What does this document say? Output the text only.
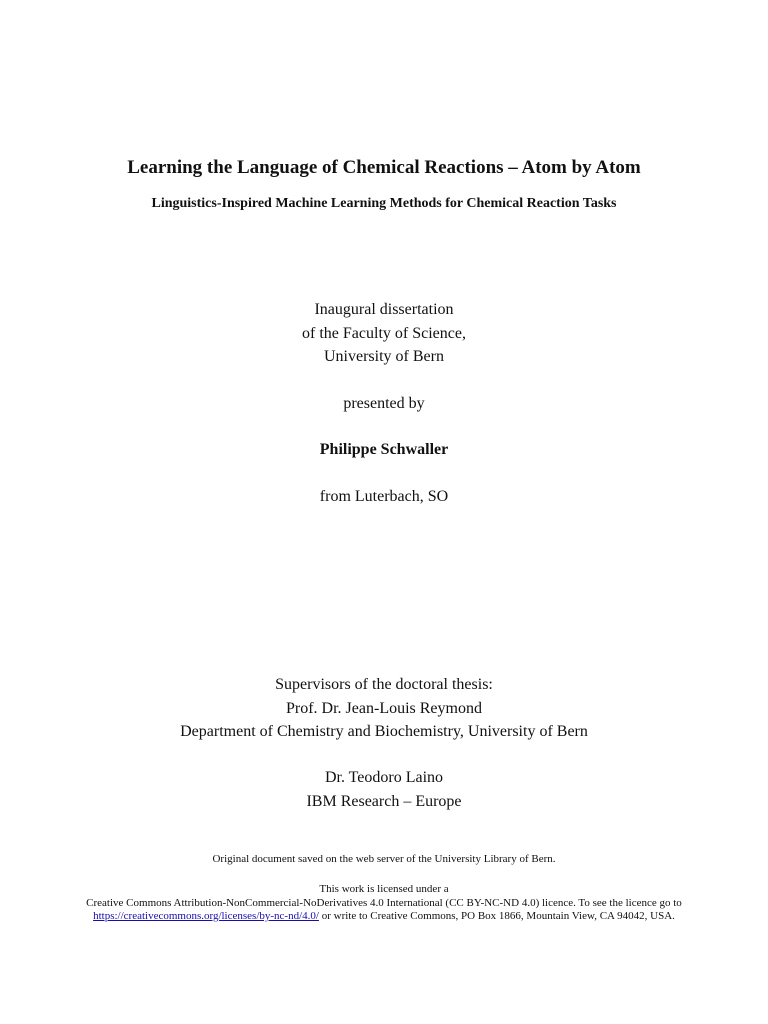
Learning the Language of Chemical Reactions – Atom by Atom
Linguistics-Inspired Machine Learning Methods for Chemical Reaction Tasks
Inaugural dissertation
of the Faculty of Science,
University of Bern
presented by
Philippe Schwaller
from Luterbach, SO
Supervisors of the doctoral thesis:
Prof. Dr. Jean-Louis Reymond
Department of Chemistry and Biochemistry, University of Bern
Dr. Teodoro Laino
IBM Research – Europe
Original document saved on the web server of the University Library of Bern.
This work is licensed under a
Creative Commons Attribution-NonCommercial-NoDerivatives 4.0 International (CC BY-NC-ND 4.0) licence. To see the licence go to https://creativecommons.org/licenses/by-nc-nd/4.0/ or write to Creative Commons, PO Box 1866, Mountain View, CA 94042, USA.
